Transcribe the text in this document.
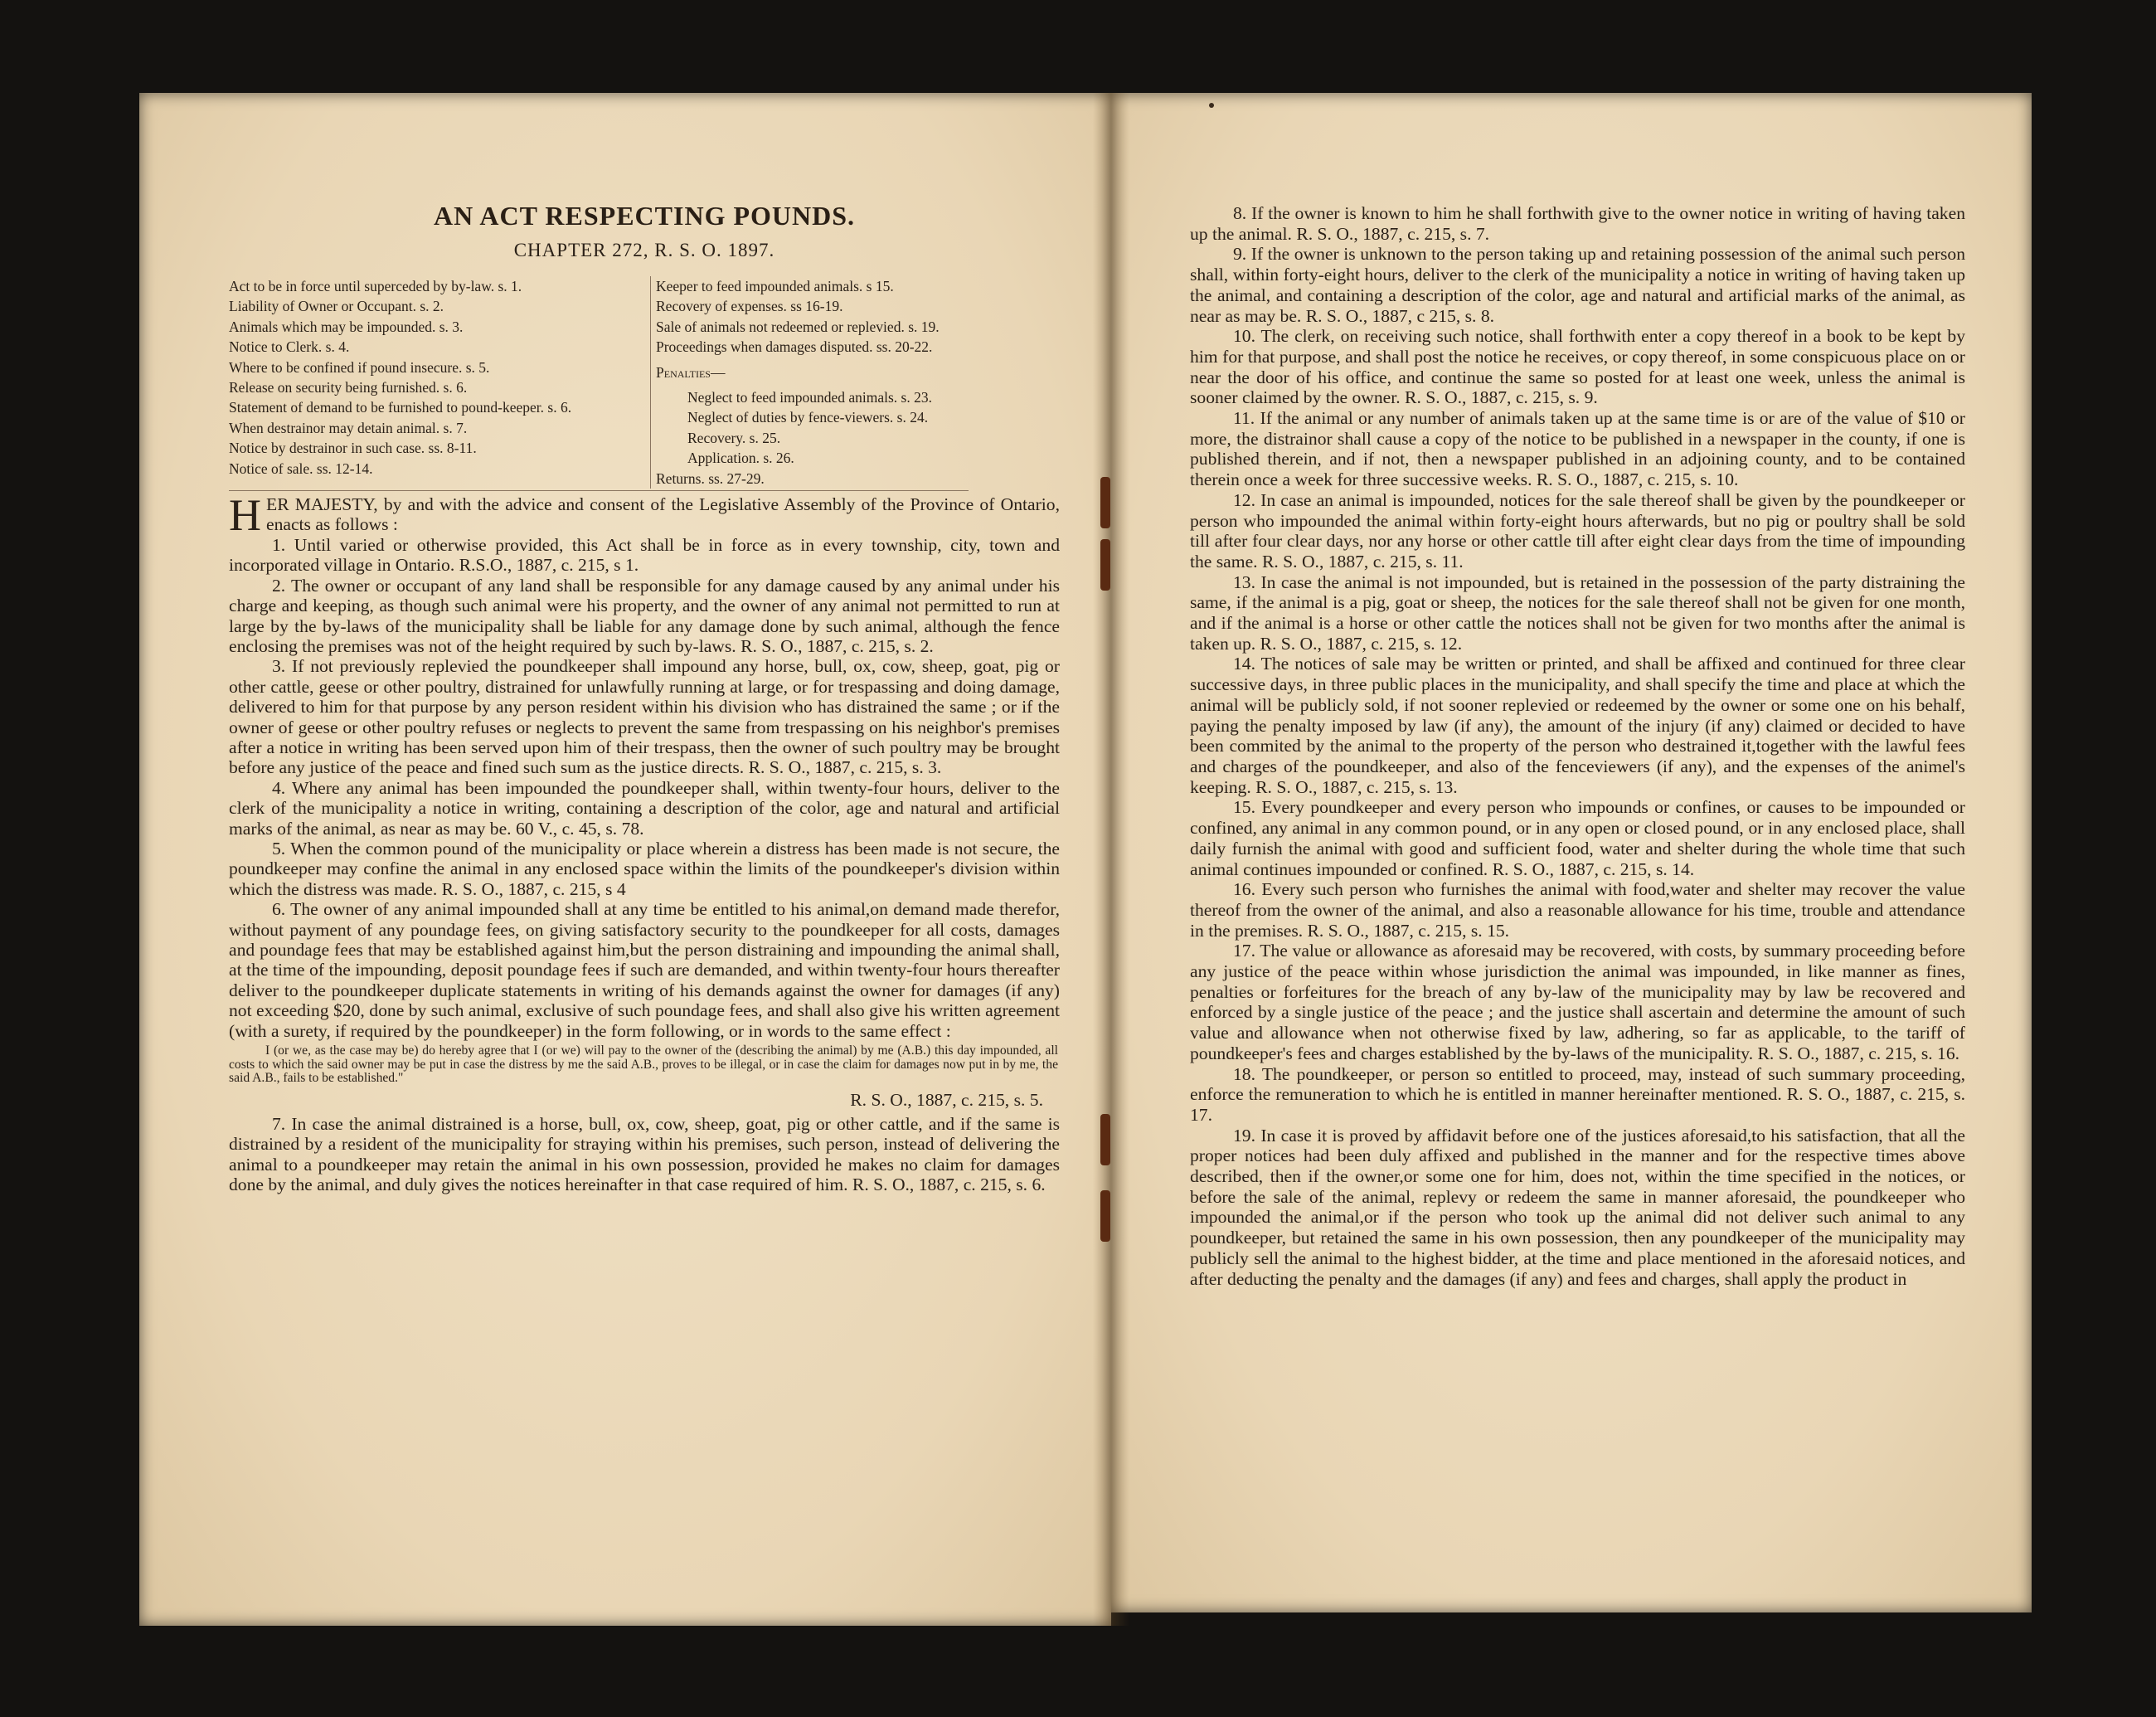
AN ACT RESPECTING POUNDS.
CHAPTER 272, R. S. O. 1897.

Act to be in force until superceded by by-law. s. 1.

Liability of Owner or Occupant. s. 2.

Animals which may be impounded. s. 3.

Notice to Clerk. s. 4.

Where to be confined if pound insecure. s. 5.

Release on security being furnished. s. 6.

Statement of demand to be furnished to pound-keeper. s. 6.

When destrainor may detain animal. s. 7.

Notice by destrainor in such case. ss. 8-11.

Notice of sale. ss. 12-14.

Keeper to feed impounded animals. s 15.

Recovery of expenses. ss 16-19.

Sale of animals not redeemed or replevied. s. 19.

Proceedings when damages disputed. ss. 20-22.

Penalties—

Neglect to feed impounded animals. s. 23.

Neglect of duties by fence-viewers. s. 24.

Recovery. s. 25.

Application. s. 26.

Returns. ss. 27-29.

HER MAJESTY, by and with the advice and consent of the Legislative Assembly of the Province of Ontario, enacts as follows :

1. Until varied or otherwise provided, this Act shall be in force as in every township, city, town and incorporated village in Ontario. R.S.O., 1887, c. 215, s 1.

2. The owner or occupant of any land shall be responsible for any damage caused by any animal under his charge and keeping, as though such animal were his property, and the owner of any animal not permitted to run at large by the by-laws of the municipality shall be liable for any damage done by such animal, although the fence enclosing the premises was not of the height required by such by-laws. R. S. O., 1887, c. 215, s. 2.

3. If not previously replevied the poundkeeper shall impound any horse, bull, ox, cow, sheep, goat, pig or other cattle, geese or other poultry, distrained for unlawfully running at large, or for trespassing and doing damage, delivered to him for that purpose by any person resident within his division who has distrained the same ; or if the owner of geese or other poultry refuses or neglects to prevent the same from trespassing on his neighbor's premises after a notice in writing has been served upon him of their trespass, then the owner of such poultry may be brought before any justice of the peace and fined such sum as the justice directs. R. S. O., 1887, c. 215, s. 3.

4. Where any animal has been impounded the poundkeeper shall, within twenty-four hours, deliver to the clerk of the municipality a notice in writing, containing a description of the color, age and natural and artificial marks of the animal, as near as may be. 60 V., c. 45, s. 78.

5. When the common pound of the municipality or place wherein a distress has been made is not secure, the poundkeeper may confine the animal in any enclosed space within the limits of the poundkeeper's division within which the distress was made. R. S. O., 1887, c. 215, s 4

6. The owner of any animal impounded shall at any time be entitled to his animal,on demand made therefor, without payment of any poundage fees, on giving satisfactory security to the poundkeeper for all costs, damages and poundage fees that may be established against him,but the person distraining and impounding the animal shall, at the time of the impounding, deposit poundage fees if such are demanded, and within twenty-four hours thereafter deliver to the poundkeeper duplicate statements in writing of his demands against the owner for damages (if any) not exceeding $20, done by such animal, exclusive of such poundage fees, and shall also give his written agreement (with a surety, if required by the poundkeeper) in the form following, or in words to the same effect :

I (or we, as the case may be) do hereby agree that I (or we) will pay to the owner of the (describing the animal) by me (A.B.) this day impounded, all costs to which the said owner may be put in case the distress by me the said A.B., proves to be illegal, or in case the claim for damages now put in by me, the said A.B., fails to be established."

R. S. O., 1887, c. 215, s. 5.

7. In case the animal distrained is a horse, bull, ox, cow, sheep, goat, pig or other cattle, and if the same is distrained by a resident of the municipality for straying within his premises, such person, instead of delivering the animal to a poundkeeper may retain the animal in his own possession, provided he makes no claim for damages done by the animal, and duly gives the notices hereinafter in that case required of him. R. S. O., 1887, c. 215, s. 6.

8. If the owner is known to him he shall forthwith give to the owner notice in writing of having taken up the animal. R. S. O., 1887, c. 215, s. 7.

9. If the owner is unknown to the person taking up and retaining possession of the animal such person shall, within forty-eight hours, deliver to the clerk of the municipality a notice in writing of having taken up the animal, and containing a description of the color, age and natural and artificial marks of the animal, as near as may be. R. S. O., 1887, c 215, s. 8.

10. The clerk, on receiving such notice, shall forthwith enter a copy thereof in a book to be kept by him for that purpose, and shall post the notice he receives, or copy thereof, in some conspicuous place on or near the door of his office, and continue the same so posted for at least one week, unless the animal is sooner claimed by the owner. R. S. O., 1887, c. 215, s. 9.

11. If the animal or any number of animals taken up at the same time is or are of the value of $10 or more, the distrainor shall cause a copy of the notice to be published in a newspaper in the county, if one is published therein, and if not, then a newspaper published in an adjoining county, and to be contained therein once a week for three successive weeks. R. S. O., 1887, c. 215, s. 10.

12. In case an animal is impounded, notices for the sale thereof shall be given by the poundkeeper or person who impounded the animal within forty-eight hours afterwards, but no pig or poultry shall be sold till after four clear days, nor any horse or other cattle till after eight clear days from the time of impounding the same. R. S. O., 1887, c. 215, s. 11.

13. In case the animal is not impounded, but is retained in the possession of the party distraining the same, if the animal is a pig, goat or sheep, the notices for the sale thereof shall not be given for one month, and if the animal is a horse or other cattle the notices shall not be given for two months after the animal is taken up. R. S. O., 1887, c. 215, s. 12.

14. The notices of sale may be written or printed, and shall be affixed and continued for three clear successive days, in three public places in the municipality, and shall specify the time and place at which the animal will be publicly sold, if not sooner replevied or redeemed by the owner or some one on his behalf, paying the penalty imposed by law (if any), the amount of the injury (if any) claimed or decided to have been commited by the animal to the property of the person who destrained it,together with the lawful fees and charges of the poundkeeper, and also of the fenceviewers (if any), and the expenses of the animel's keeping. R. S. O., 1887, c. 215, s. 13.

15. Every poundkeeper and every person who impounds or confines, or causes to be impounded or confined, any animal in any common pound, or in any open or closed pound, or in any enclosed place, shall daily furnish the animal with good and sufficient food, water and shelter during the whole time that such animal continues impounded or confined. R. S. O., 1887, c. 215, s. 14.

16. Every such person who furnishes the animal with food,water and shelter may recover the value thereof from the owner of the animal, and also a reasonable allowance for his time, trouble and attendance in the premises. R. S. O., 1887, c. 215, s. 15.

17. The value or allowance as aforesaid may be recovered, with costs, by summary proceeding before any justice of the peace within whose jurisdiction the animal was impounded, in like manner as fines, penalties or forfeitures for the breach of any by-law of the municipality may by law be recovered and enforced by a single justice of the peace ; and the justice shall ascertain and determine the amount of such value and allowance when not otherwise fixed by law, adhering, so far as applicable, to the tariff of poundkeeper's fees and charges established by the by-laws of the municipality. R. S. O., 1887, c. 215, s. 16.

18. The poundkeeper, or person so entitled to proceed, may, instead of such summary proceeding, enforce the remuneration to which he is entitled in manner hereinafter mentioned. R. S. O., 1887, c. 215, s. 17.

19. In case it is proved by affidavit before one of the justices aforesaid,to his satisfaction, that all the proper notices had been duly affixed and published in the manner and for the respective times above described, then if the owner,or some one for him, does not, within the time specified in the notices, or before the sale of the animal, replevy or redeem the same in manner aforesaid, the poundkeeper who impounded the animal,or if the person who took up the animal did not deliver such animal to any poundkeeper, but retained the same in his own possession, then any poundkeeper of the municipality may publicly sell the animal to the highest bidder, at the time and place mentioned in the aforesaid notices, and after deducting the penalty and the damages (if any) and fees and charges, shall apply the product in
